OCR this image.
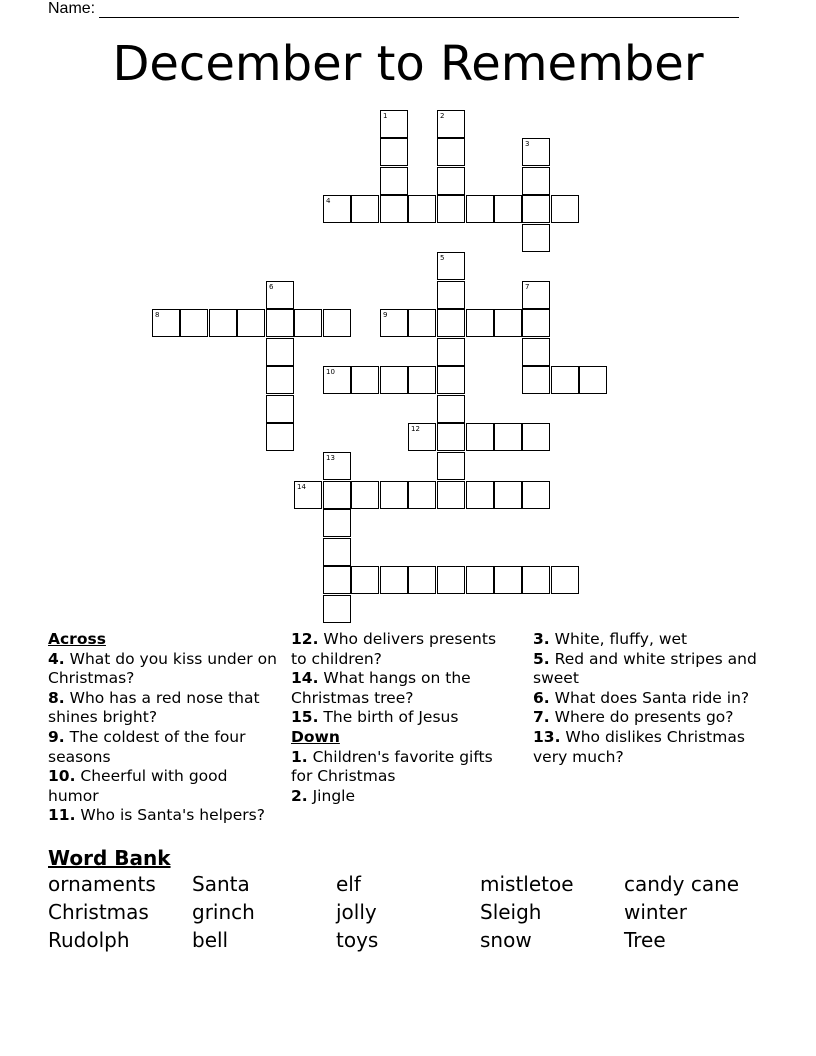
Name:
December to Remember
1	2
3
4
5
6	7
8	9
10
12
13
14
Across
4. What do you kiss under on Christmas?
8. Who has a red nose that shines bright?
9. The coldest of the four seasons
10. Cheerful with good humor
11. Who is Santa's helpers?
12. Who delivers presents to children?
14. What hangs on the Christmas tree?
15. The birth of Jesus
Down
1. Children's favorite gifts for Christmas
2. Jingle
3. White, fluffy, wet
5. Red and white stripes and sweet
6. What does Santa ride in?
7. Where do presents go?
13. Who dislikes Christmas very much?
Word Bank
ornaments	Santa	elf	mistletoe	candy cane
Christmas	grinch	jolly	Sleigh	winter
Rudolph	bell	toys	snow	Tree
